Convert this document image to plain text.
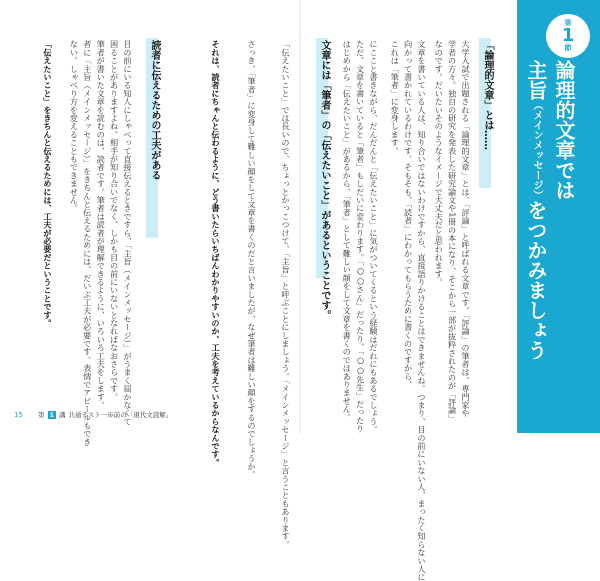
第
1
節
論理的文章では
主旨（メインメッセージ）をつかみましょう
「論理的文章」とは……
大学入試で出題される「論理的文章」とは、「評論」と呼ばれる文章です。「評論」の筆者は、専門家や
学者の方々。独自の研究を発表した研究論文や1冊の本になり、そこから一部が抜粋されたのが「評論」
なのです。だいたいそのようなイメージで大丈夫だと思われます。
文章を書いている人は、知り合いではないわけですから、直接語りかけることはできませんね。つまり、目の前にいない人、まったく知らない人に
向かって書かれているわけです。そもそも、「読者」にわかってもらうために書くのですから、
これは「筆者」に変身します。
にここと書きながら、だんだんと「伝えたいこと」に気がついてくるという経験はだれにもあるでしょう。
ただ、文章を書いていると「筆者」もしだいに変わります。「○○さん」だったり、「○○先生」だったり
はじめから「伝えたいこと」があるから、「筆者」として難しい顔をして文章を書くのではありません。
文章には「筆者」の「伝えたいこと」があるということです。
「伝えたいこと」では長いので、ちょっとかっこつけて、「主旨」と呼ぶことにしましょう。「メインメッセージ」と言うこともあります。
さっき、「筆者」に変身して難しい顔をして文章を書くのだと言いましたが、なぜ筆者は難しい顔をするのでしょうか。
それは、読者にちゃんと伝わるように、どう書いたらいちばんわかりやすいのか、工夫を考えているからなんです。
読者に伝えるための工夫がある
目の前にいる知人にしゃべって直接伝えるときですら、「主旨（メインメッセージ）」がうまく届かなくて
困ることがありますよね。相手が知り合いでなく、しかも目の前にいないとなればなおさらです。
筆者が書いた文章を読むのは、読者です。筆者は読者が理解できるように、いろいろ工夫をします。
者に「主旨（メインメッセージ）」をきちんと伝えるためには、だいぶ工夫が必要です。表情でアピールもでき
ない。しゃべり方を変えることもできません。
「伝えたいこと」をきちんと伝えるためには、工夫が必要だということです。
15 第 1 講 共通テスト一歩前の「現代文読解」
